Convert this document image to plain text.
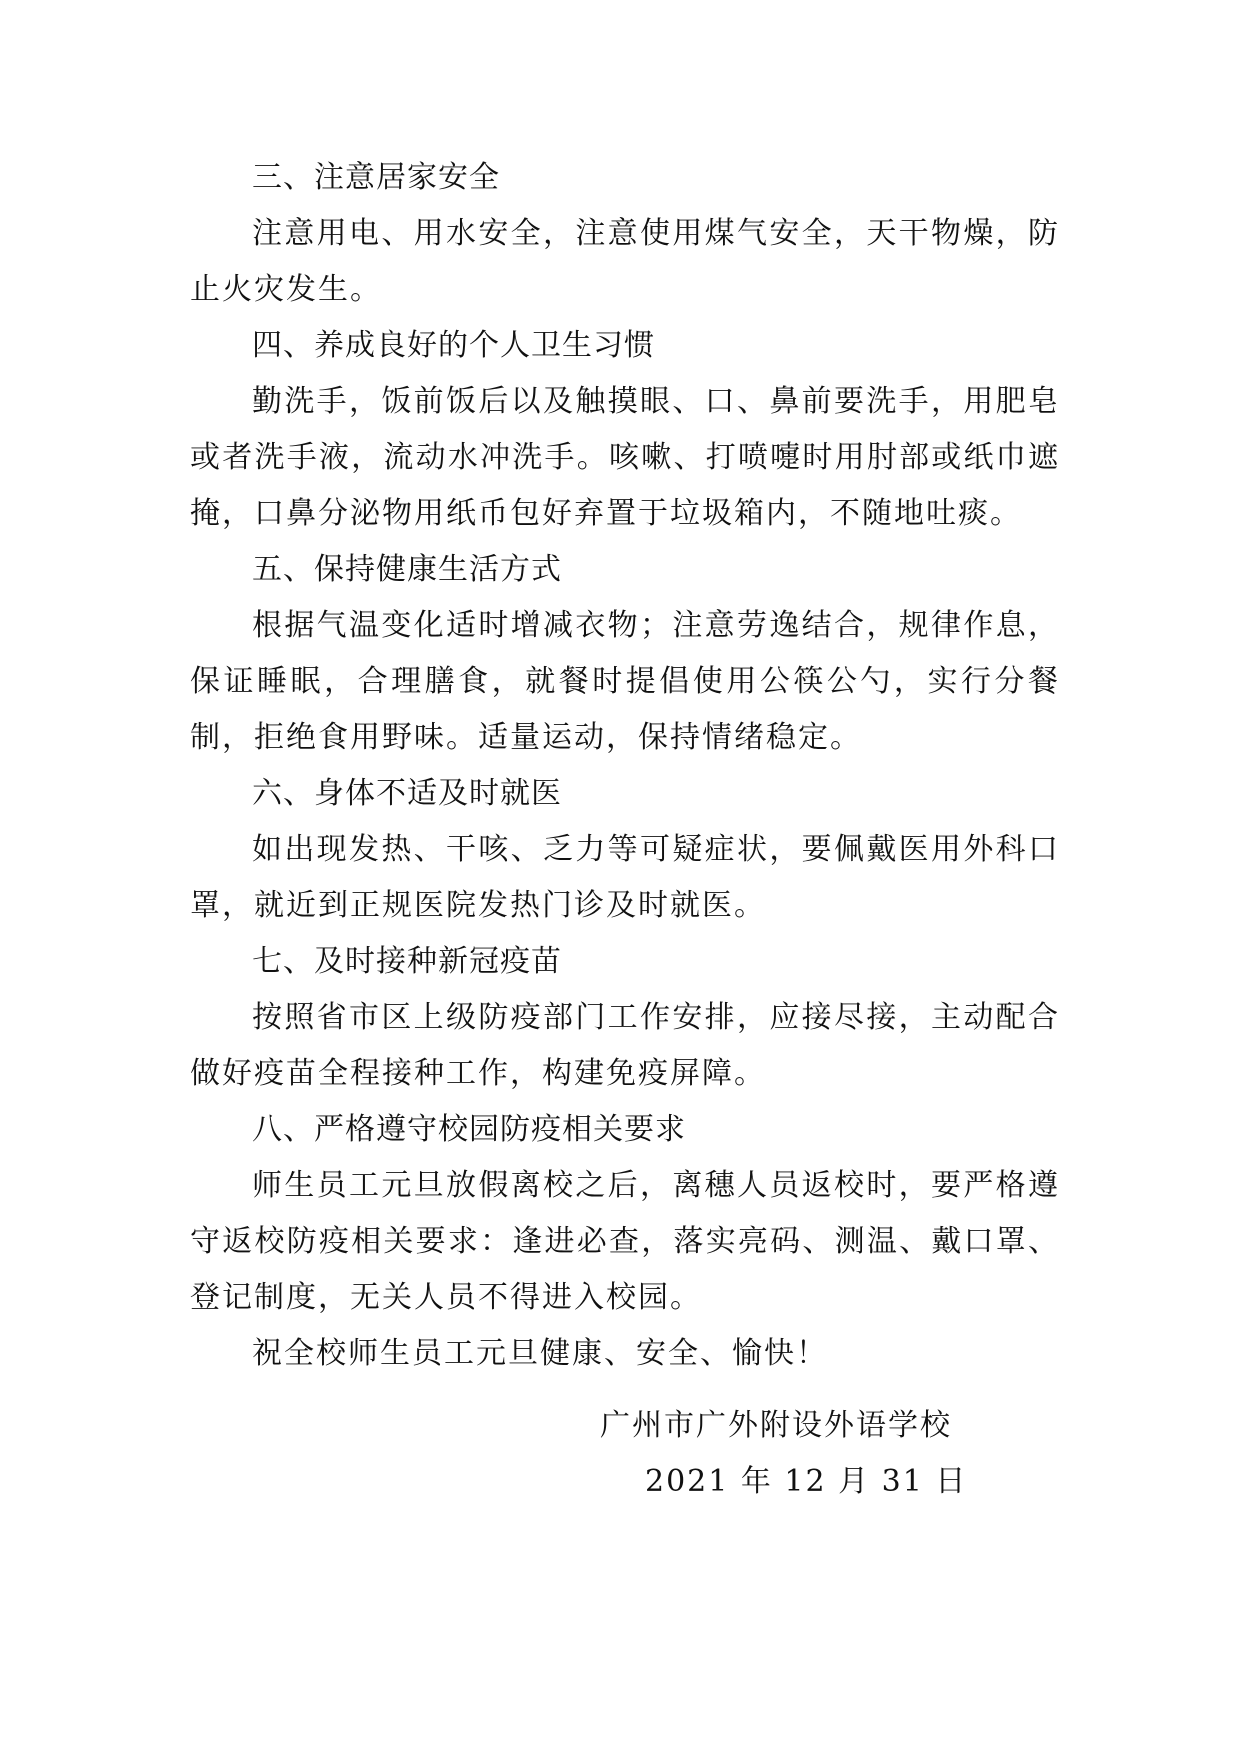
三、注意居家安全

注意用电、用水安全，注意使用煤气安全，天干物燥，防止火灾发生。

四、养成良好的个人卫生习惯

勤洗手，饭前饭后以及触摸眼、口、鼻前要洗手，用肥皂或者洗手液，流动水冲洗手。咳嗽、打喷嚏时用肘部或纸巾遮掩，口鼻分泌物用纸币包好弃置于垃圾箱内，不随地吐痰。

五、保持健康生活方式

根据气温变化适时增减衣物；注意劳逸结合，规律作息，保证睡眠，合理膳食，就餐时提倡使用公筷公勺，实行分餐制，拒绝食用野味。适量运动，保持情绪稳定。

六、身体不适及时就医

如出现发热、干咳、乏力等可疑症状，要佩戴医用外科口罩，就近到正规医院发热门诊及时就医。

七、及时接种新冠疫苗

按照省市区上级防疫部门工作安排，应接尽接，主动配合做好疫苗全程接种工作，构建免疫屏障。

八、严格遵守校园防疫相关要求

师生员工元旦放假离校之后，离穗人员返校时，要严格遵守返校防疫相关要求：逢进必查，落实亮码、测温、戴口罩、登记制度，无关人员不得进入校园。

祝全校师生员工元旦健康、安全、愉快！

广州市广外附设外语学校
2021 年 12 月 31 日
